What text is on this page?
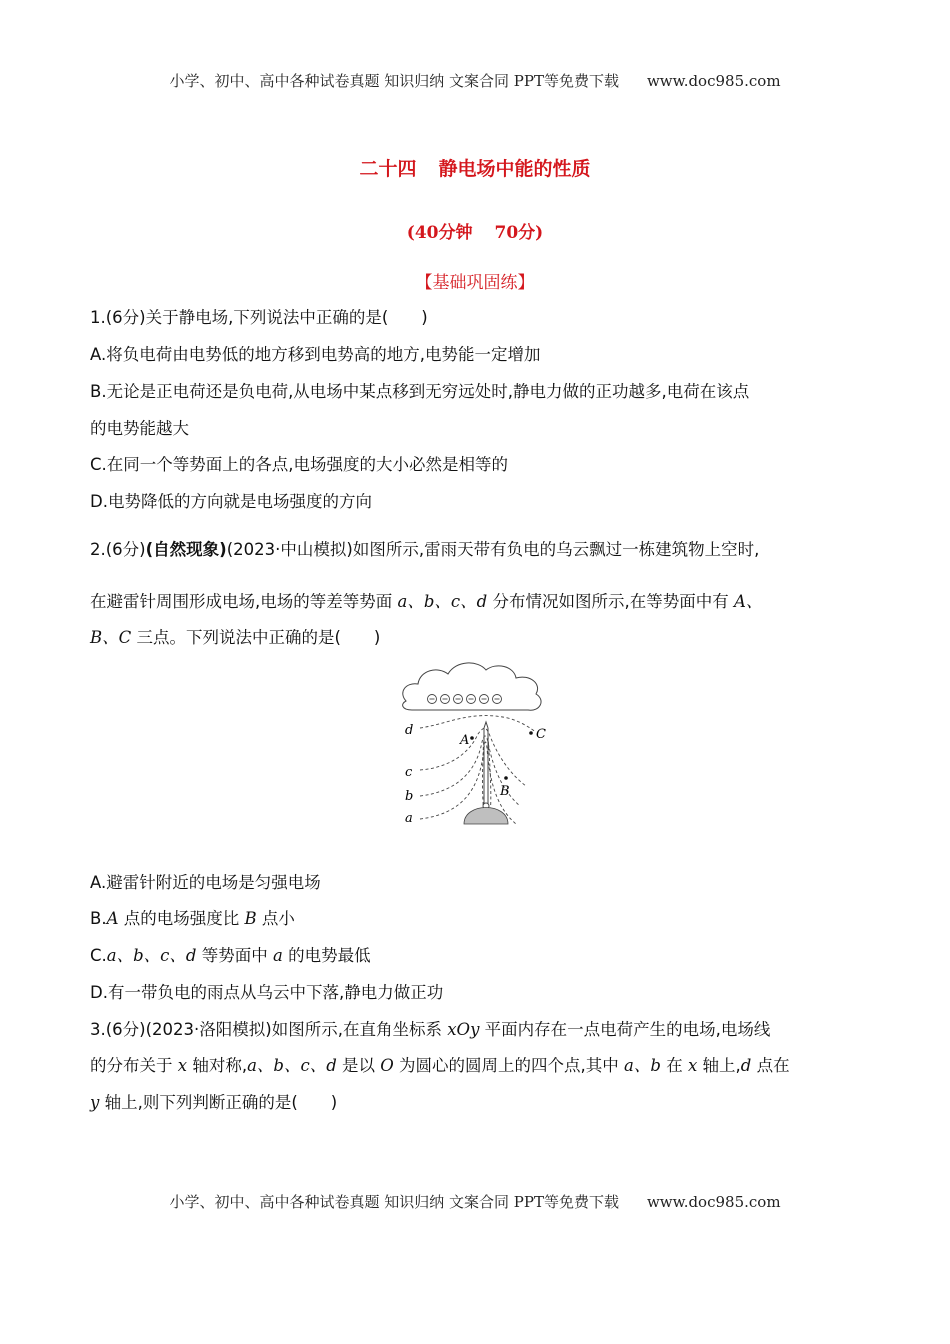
小学、初中、高中各种试卷真题 知识归纳 文案合同 PPT等免费下载 www.doc985.com
二十四 静电场中能的性质
(40分钟 70分)
【基础巩固练】
1.(6分)关于静电场,下列说法中正确的是(　　)
A.将负电荷由电势低的地方移到电势高的地方,电势能一定增加
B.无论是正电荷还是负电荷,从电场中某点移到无穷远处时,静电力做的正功越多,电荷在该点
的电势能越大
C.在同一个等势面上的各点,电场强度的大小必然是相等的
D.电势降低的方向就是电场强度的方向
2.(6分)(自然现象)(2023·中山模拟)如图所示,雷雨天带有负电的乌云飘过一栋建筑物上空时,
在避雷针周围形成电场,电场的等差等势面 a、b、c、d 分布情况如图所示,在等势面中有 A、
B、C 三点。下列说法中正确的是(　　)
d
c
b
a
A
B
C
A.避雷针附近的电场是匀强电场
B.A 点的电场强度比 B 点小
C.a、b、c、d 等势面中 a 的电势最低
D.有一带负电的雨点从乌云中下落,静电力做正功
3.(6分)(2023·洛阳模拟)如图所示,在直角坐标系 xOy 平面内存在一点电荷产生的电场,电场线
的分布关于 x 轴对称,a、b、c、d 是以 O 为圆心的圆周上的四个点,其中 a、b 在 x 轴上,d 点在
y 轴上,则下列判断正确的是(　　)
小学、初中、高中各种试卷真题 知识归纳 文案合同 PPT等免费下载 www.doc985.com
